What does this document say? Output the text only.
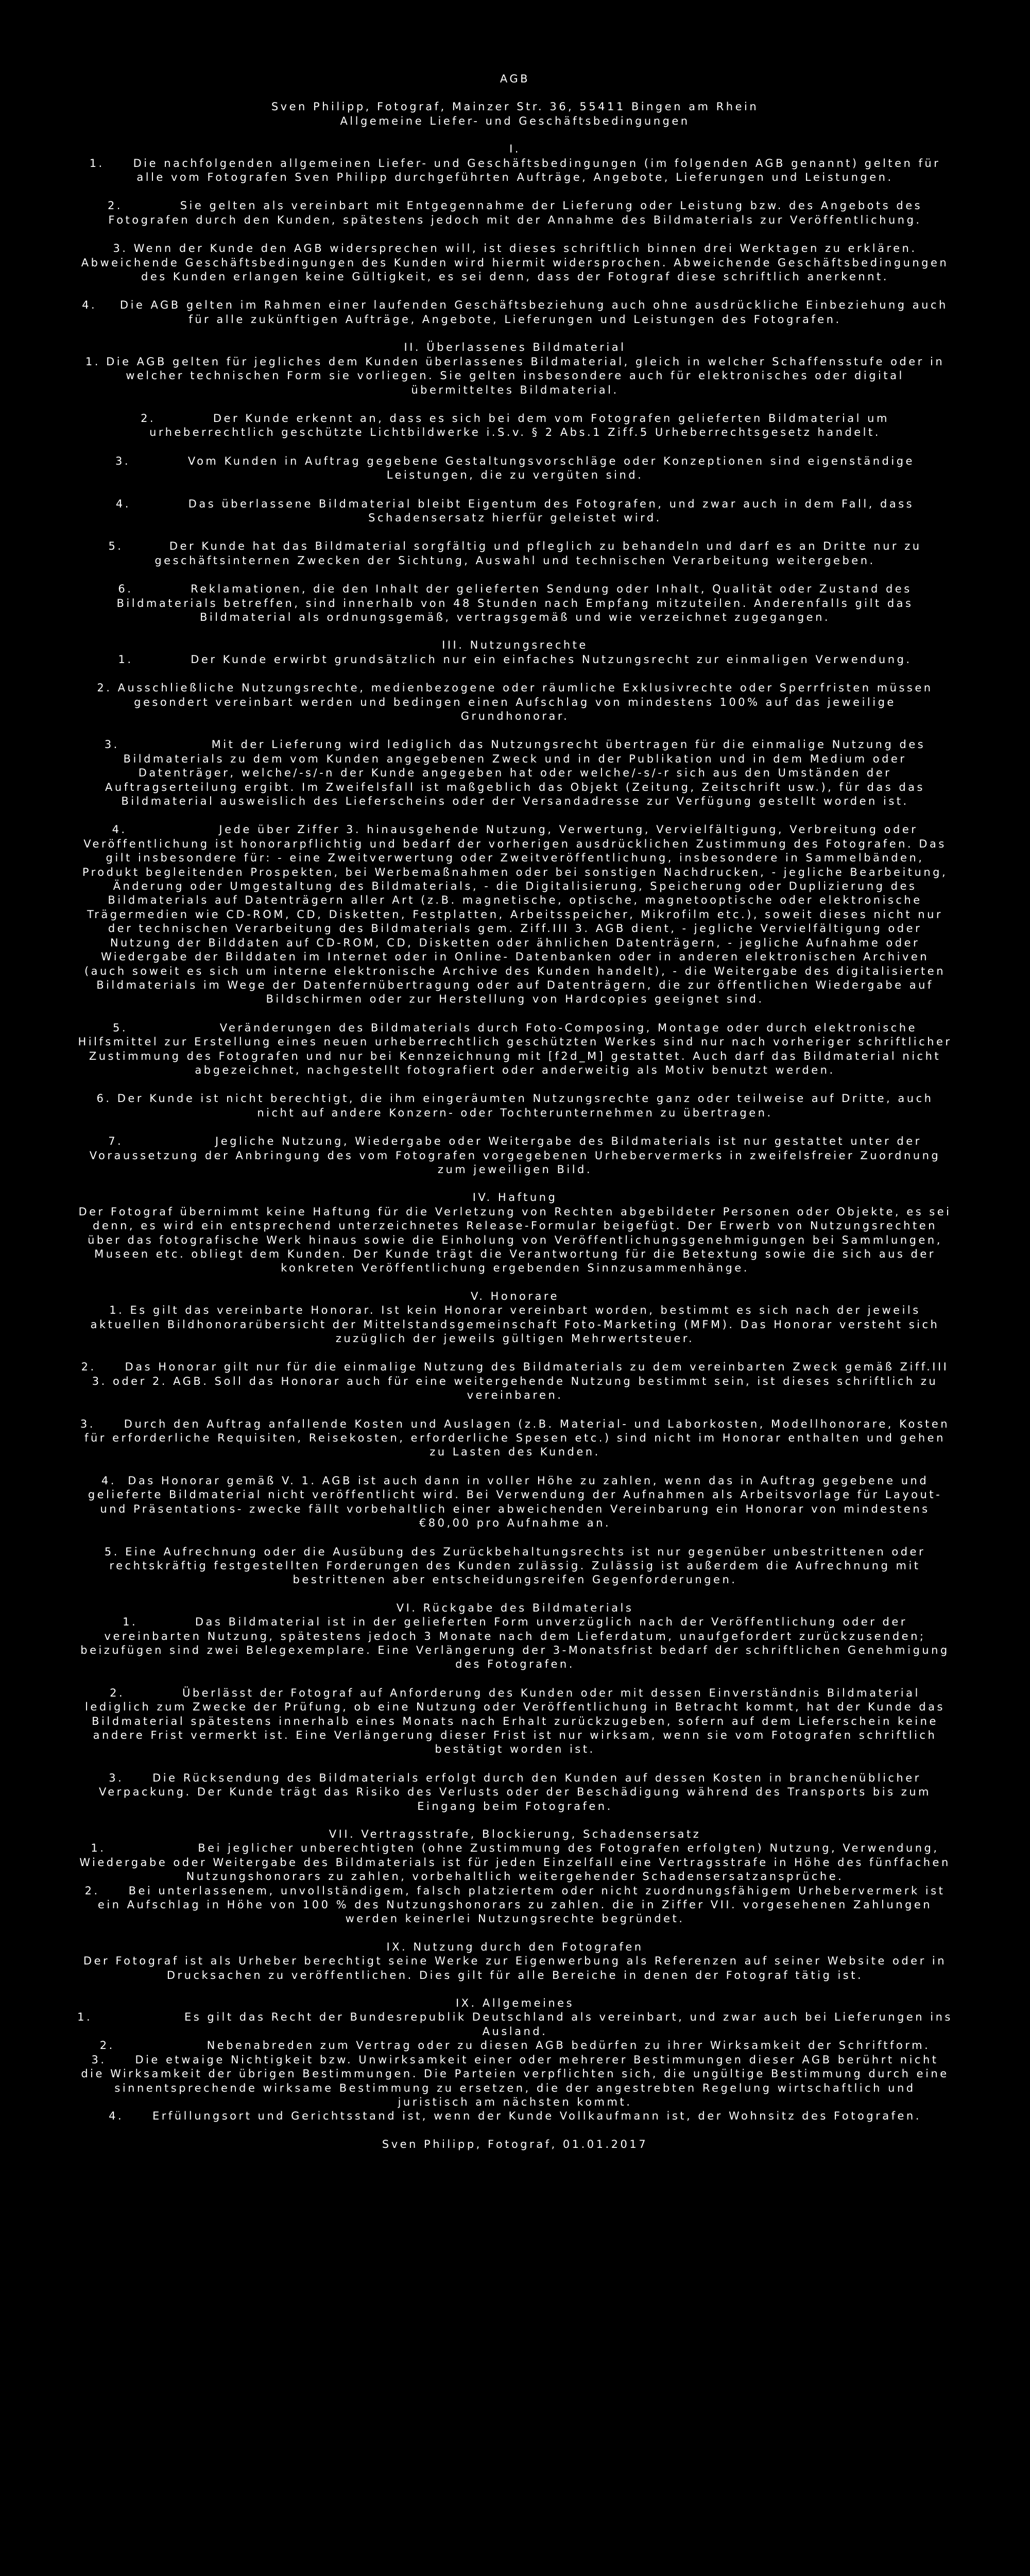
AGB
Sven Philipp, Fotograf, Mainzer Str. 36, 55411 Bingen am Rhein
Allgemeine Liefer- und Geschäftsbedingungen
I.
1.     Die nachfolgenden allgemeinen Liefer- und Geschäftsbedingungen (im folgenden AGB genannt) gelten für alle vom Fotografen Sven Philipp durchgeführten Aufträge, Angebote, Lieferungen und Leistungen.
2.          Sie gelten als vereinbart mit Entgegennahme der Lieferung oder Leistung bzw. des Angebots des Fotografen durch den Kunden, spätestens jedoch mit der Annahme des Bildmaterials zur Veröffentlichung.
3. Wenn der Kunde den AGB widersprechen will, ist dieses schriftlich binnen drei Werktagen zu erklären. Abweichende Geschäftsbedingungen des Kunden wird hiermit widersprochen. Abweichende Geschäftsbedingungen des Kunden erlangen keine Gültigkeit, es sei denn, dass der Fotograf diese schriftlich anerkennt.
4.    Die AGB gelten im Rahmen einer laufenden Geschäftsbeziehung auch ohne ausdrückliche Einbeziehung auch für alle zukünftigen Aufträge, Angebote, Lieferungen und Leistungen des Fotografen.
II. Überlassenes Bildmaterial
1. Die AGB gelten für jegliches dem Kunden überlassenes Bildmaterial, gleich in welcher Schaffensstufe oder in welcher technischen Form sie vorliegen. Sie gelten insbesondere auch für elektronisches oder digital übermitteltes Bildmaterial.
2.          Der Kunde erkennt an, dass es sich bei dem vom Fotografen gelieferten Bildmaterial um urheberrechtlich geschützte Lichtbildwerke i.S.v. § 2 Abs.1 Ziff.5 Urheberrechtsgesetz handelt.
3.          Vom Kunden in Auftrag gegebene Gestaltungsvorschläge oder Konzeptionen sind eigenständige Leistungen, die zu vergüten sind.
4.          Das überlassene Bildmaterial bleibt Eigentum des Fotografen, und zwar auch in dem Fall, dass Schadensersatz hierfür geleistet wird.
5.        Der Kunde hat das Bildmaterial sorgfältig und pfleglich zu behandeln und darf es an Dritte nur zu geschäftsinternen Zwecken der Sichtung, Auswahl und technischen Verarbeitung weitergeben.
6.          Reklamationen, die den Inhalt der gelieferten Sendung oder Inhalt, Qualität oder Zustand des Bildmaterials betreffen, sind innerhalb von 48 Stunden nach Empfang mitzuteilen. Anderenfalls gilt das Bildmaterial als ordnungsgemäß, vertragsgemäß und wie verzeichnet zugegangen.
III. Nutzungsrechte
1.          Der Kunde erwirbt grundsätzlich nur ein einfaches Nutzungsrecht zur einmaligen Verwendung.
2. Ausschließliche Nutzungsrechte, medienbezogene oder räumliche Exklusivrechte oder Sperrfristen müssen gesondert vereinbart werden und bedingen einen Aufschlag von mindestens 100% auf das jeweilige Grundhonorar.
3.                Mit der Lieferung wird lediglich das Nutzungsrecht übertragen für die einmalige Nutzung des Bildmaterials zu dem vom Kunden angegebenen Zweck und in der Publikation und in dem Medium oder Datenträger, welche/-s/-n der Kunde angegeben hat oder welche/-s/-r sich aus den Umständen der Auftragserteilung ergibt. Im Zweifelsfall ist maßgeblich das Objekt (Zeitung, Zeitschrift usw.), für das das Bildmaterial ausweislich des Lieferscheins oder der Versandadresse zur Verfügung gestellt worden ist.
4.                Jede über Ziffer 3. hinausgehende Nutzung, Verwertung, Vervielfältigung, Verbreitung oder Veröffentlichung ist honorarpflichtig und bedarf der vorherigen ausdrücklichen Zustimmung des Fotografen. Das gilt insbesondere für: - eine Zweitverwertung oder Zweitveröffentlichung, insbesondere in Sammelbänden, Produkt begleitenden Prospekten, bei Werbemaßnahmen oder bei sonstigen Nachdrucken, - jegliche Bearbeitung, Änderung oder Umgestaltung des Bildmaterials, - die Digitalisierung, Speicherung oder Duplizierung des Bildmaterials auf Datenträgern aller Art (z.B. magnetische, optische, magnetooptische oder elektronische Trägermedien wie CD-ROM, CD, Disketten, Festplatten, Arbeitsspeicher, Mikrofilm etc.), soweit dieses nicht nur der technischen Verarbeitung des Bildmaterials gem. Ziff.III 3. AGB dient, - jegliche Vervielfältigung oder Nutzung der Bilddaten auf CD-ROM, CD, Disketten oder ähnlichen Datenträgern, - jegliche Aufnahme oder Wiedergabe der Bilddaten im Internet oder in Online- Datenbanken oder in anderen elektronischen Archiven (auch soweit es sich um interne elektronische Archive des Kunden handelt), - die Weitergabe des digitalisierten Bildmaterials im Wege der Datenfernübertragung oder auf Datenträgern, die zur öffentlichen Wiedergabe auf Bildschirmen oder zur Herstellung von Hardcopies geeignet sind.
5.                Veränderungen des Bildmaterials durch Foto-Composing, Montage oder durch elektronische Hilfsmittel zur Erstellung eines neuen urheberrechtlich geschützten Werkes sind nur nach vorheriger schriftlicher Zustimmung des Fotografen und nur bei Kennzeichnung mit [f2d_M] gestattet. Auch darf das Bildmaterial nicht abgezeichnet, nachgestellt fotografiert oder anderweitig als Motiv benutzt werden.
6. Der Kunde ist nicht berechtigt, die ihm eingeräumten Nutzungsrechte ganz oder teilweise auf Dritte, auch nicht auf andere Konzern- oder Tochterunternehmen zu übertragen.
7.                Jegliche Nutzung, Wiedergabe oder Weitergabe des Bildmaterials ist nur gestattet unter der Voraussetzung der Anbringung des vom Fotografen vorgegebenen Urhebervermerks in zweifelsfreier Zuordnung zum jeweiligen Bild.
IV. Haftung
Der Fotograf übernimmt keine Haftung für die Verletzung von Rechten abgebildeter Personen oder Objekte, es sei denn, es wird ein entsprechend unterzeichnetes Release-Formular beigefügt. Der Erwerb von Nutzungsrechten über das fotografische Werk hinaus sowie die Einholung von Veröffentlichungsgenehmigungen bei Sammlungen, Museen etc. obliegt dem Kunden. Der Kunde trägt die Verantwortung für die Betextung sowie die sich aus der konkreten Veröffentlichung ergebenden Sinnzusammenhänge.
V. Honorare
1. Es gilt das vereinbarte Honorar. Ist kein Honorar vereinbart worden, bestimmt es sich nach der jeweils aktuellen Bildhonorarübersicht der Mittelstandsgemeinschaft Foto-Marketing (MFM). Das Honorar versteht sich zuzüglich der jeweils gültigen Mehrwertsteuer.
2.     Das Honorar gilt nur für die einmalige Nutzung des Bildmaterials zu dem vereinbarten Zweck gemäß Ziff.III 3. oder 2. AGB. Soll das Honorar auch für eine weitergehende Nutzung bestimmt sein, ist dieses schriftlich zu vereinbaren.
3.     Durch den Auftrag anfallende Kosten und Auslagen (z.B. Material- und Laborkosten, Modellhonorare, Kosten für erforderliche Requisiten, Reisekosten, erforderliche Spesen etc.) sind nicht im Honorar enthalten und gehen zu Lasten des Kunden.
4.  Das Honorar gemäß V. 1. AGB ist auch dann in voller Höhe zu zahlen, wenn das in Auftrag gegebene und gelieferte Bildmaterial nicht veröffentlicht wird. Bei Verwendung der Aufnahmen als Arbeitsvorlage für Layout- und Präsentations- zwecke fällt vorbehaltlich einer abweichenden Vereinbarung ein Honorar von mindestens €80,00 pro Aufnahme an.
5. Eine Aufrechnung oder die Ausübung des Zurückbehaltungsrechts ist nur gegenüber unbestrittenen oder rechtskräftig festgestellten Forderungen des Kunden zulässig. Zulässig ist außerdem die Aufrechnung mit bestrittenen aber entscheidungsreifen Gegenforderungen.
VI. Rückgabe des Bildmaterials
1.          Das Bildmaterial ist in der gelieferten Form unverzüglich nach der Veröffentlichung oder der vereinbarten Nutzung, spätestens jedoch 3 Monate nach dem Lieferdatum, unaufgefordert zurückzusenden; beizufügen sind zwei Belegexemplare. Eine Verlängerung der 3-Monatsfrist bedarf der schriftlichen Genehmigung des Fotografen.
2.          Überlässt der Fotograf auf Anforderung des Kunden oder mit dessen Einverständnis Bildmaterial lediglich zum Zwecke der Prüfung, ob eine Nutzung oder Veröffentlichung in Betracht kommt, hat der Kunde das Bildmaterial spätestens innerhalb eines Monats nach Erhalt zurückzugeben, sofern auf dem Lieferschein keine andere Frist vermerkt ist. Eine Verlängerung dieser Frist ist nur wirksam, wenn sie vom Fotografen schriftlich bestätigt worden ist.
3.     Die Rücksendung des Bildmaterials erfolgt durch den Kunden auf dessen Kosten in branchenüblicher Verpackung. Der Kunde trägt das Risiko des Verlusts oder der Beschädigung während des Transports bis zum Eingang beim Fotografen.
VII. Vertragsstrafe, Blockierung, Schadensersatz
1.                Bei jeglicher unberechtigten (ohne Zustimmung des Fotografen erfolgten) Nutzung, Verwendung, Wiedergabe oder Weitergabe des Bildmaterials ist für jeden Einzelfall eine Vertragsstrafe in Höhe des fünffachen Nutzungshonorars zu zahlen, vorbehaltlich weitergehender Schadensersatzansprüche.
2.     Bei unterlassenem, unvollständigem, falsch platziertem oder nicht zuordnungsfähigem Urhebervermerk ist ein Aufschlag in Höhe von 100 % des Nutzungshonorars zu zahlen. die in Ziffer VII. vorgesehenen Zahlungen werden keinerlei Nutzungsrechte begründet.
IX. Nutzung durch den Fotografen
Der Fotograf ist als Urheber berechtigt seine Werke zur Eigenwerbung als Referenzen auf seiner Website oder in Drucksachen zu veröffentlichen. Dies gilt für alle Bereiche in denen der Fotograf tätig ist.
IX. Allgemeines
1.                Es gilt das Recht der Bundesrepublik Deutschland als vereinbart, und zwar auch bei Lieferungen ins Ausland.
2.                Nebenabreden zum Vertrag oder zu diesen AGB bedürfen zu ihrer Wirksamkeit der Schriftform.
3.     Die etwaige Nichtigkeit bzw. Unwirksamkeit einer oder mehrerer Bestimmungen dieser AGB berührt nicht die Wirksamkeit der übrigen Bestimmungen. Die Parteien verpflichten sich, die ungültige Bestimmung durch eine sinnentsprechende wirksame Bestimmung zu ersetzen, die der angestrebten Regelung wirtschaftlich und juristisch am nächsten kommt.
4.     Erfüllungsort und Gerichtsstand ist, wenn der Kunde Vollkaufmann ist, der Wohnsitz des Fotografen.
Sven Philipp, Fotograf, 01.01.2017
